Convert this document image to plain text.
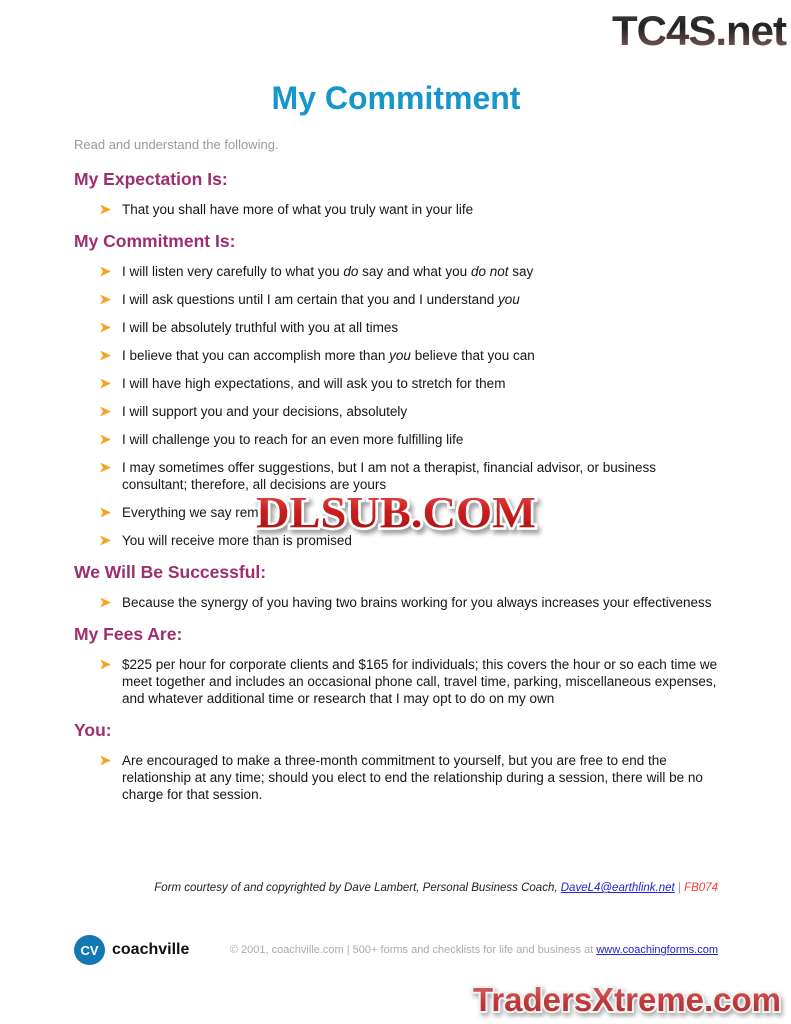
TC4S.net
My Commitment

Read and understand the following.

My Expectation Is:

That you shall have more of what you truly want in your life

My Commitment Is:

I will listen very carefully to what you do say and what you do not say

I will ask questions until I am certain that you and I understand you

I will be absolutely truthful with you at all times

I believe that you can accomplish more than you believe that you can

I will have high expectations, and will ask you to stretch for them

I will support you and your decisions, absolutely

I will challenge you to reach for an even more fulfilling life

I may sometimes offer suggestions, but I am not a therapist, financial advisor, or business consultant; therefore, all decisions are yours

Everything we say rem

You will receive more than is promised

We Will Be Successful:

Because the synergy of you having two brains working for you always increases your effectiveness

My Fees Are:

$225 per hour for corporate clients and $165 for individuals; this covers the hour or so each time we meet together and includes an occasional phone call, travel time, parking, miscellaneous expenses, and whatever additional time or research that I may opt to do on my own

You:

Are encouraged to make a three-month commitment to yourself, but you are free to end the relationship at any time; should you elect to end the relationship during a session, there will be no charge for that session.

DLSUB.COM

Form courtesy of and copyrighted by Dave Lambert, Personal Business Coach, DaveL4@earthlink.net | FB074

CV coachville	© 2001, coachville.com | 500+ forms and checklists for life and business at www.coachingforms.com
TradersXtreme.com
